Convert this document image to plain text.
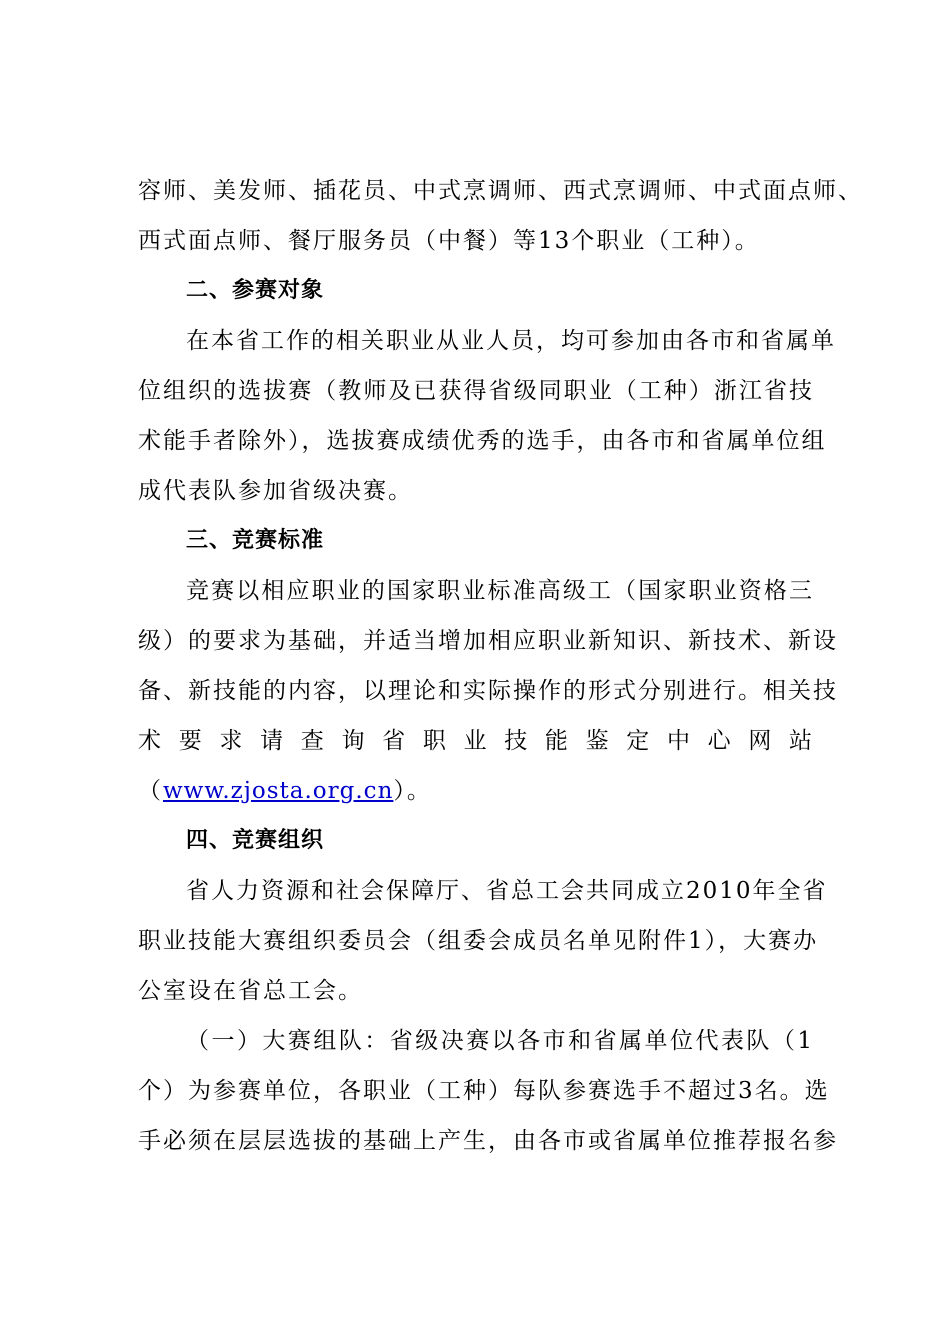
容师、美发师、插花员、中式烹调师、西式烹调师、中式面点师、

西式面点师、餐厅服务员（中餐）等13个职业（工种）。

二、参赛对象

在本省工作的相关职业从业人员，均可参加由各市和省属单

位组织的选拔赛（教师及已获得省级同职业（工种）浙江省技

术能手者除外），选拔赛成绩优秀的选手，由各市和省属单位组

成代表队参加省级决赛。

三、竞赛标准

竞赛以相应职业的国家职业标准高级工（国家职业资格三

级）的要求为基础，并适当增加相应职业新知识、新技术、新设

备、新技能的内容，以理论和实际操作的形式分别进行。相关技

术要求请查询省职业技能鉴定中心网站

（www.zjosta.org.cn）。

四、竞赛组织

省人力资源和社会保障厅、省总工会共同成立2010年全省

职业技能大赛组织委员会（组委会成员名单见附件1），大赛办

公室设在省总工会。

（一）大赛组队：省级决赛以各市和省属单位代表队（1

个）为参赛单位，各职业（工种）每队参赛选手不超过3名。选

手必须在层层选拔的基础上产生，由各市或省属单位推荐报名参
